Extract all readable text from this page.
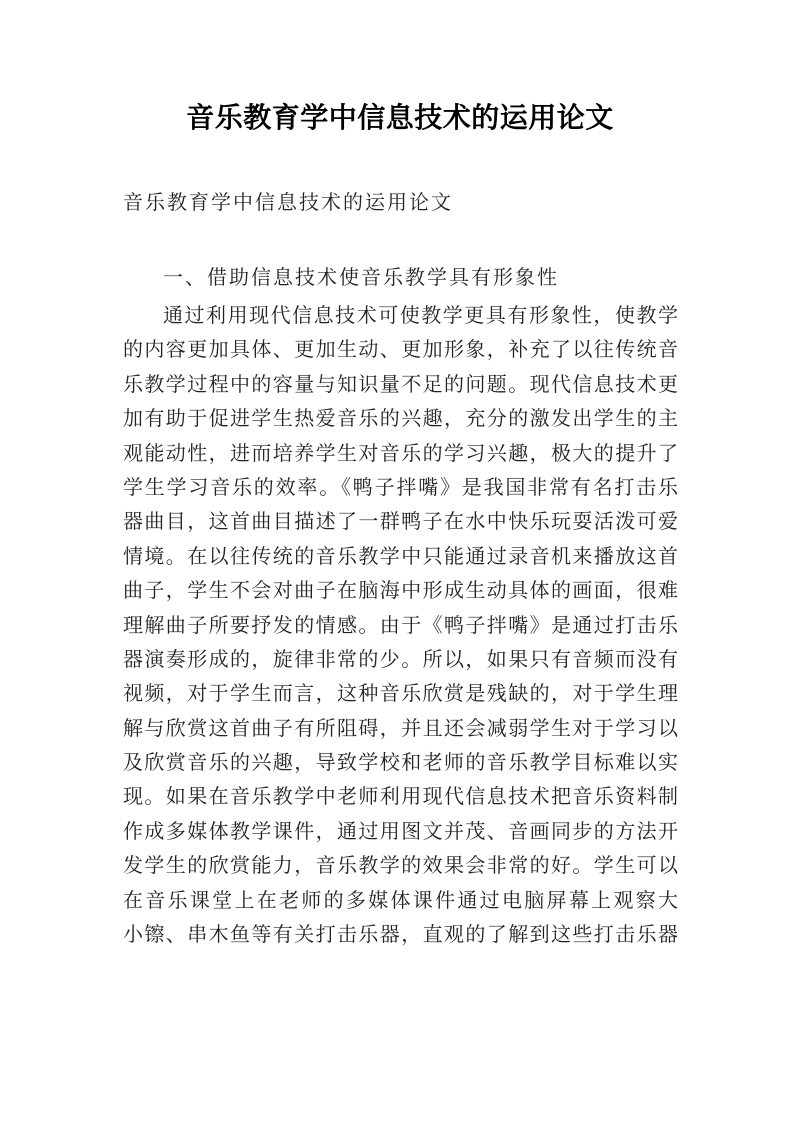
音乐教育学中信息技术的运用论文
音乐教育学中信息技术的运用论文
一、借助信息技术使音乐教学具有形象性
通过利用现代信息技术可使教学更具有形象性，使教学
的内容更加具体、更加生动、更加形象，补充了以往传统音
乐教学过程中的容量与知识量不足的问题。现代信息技术更
加有助于促进学生热爱音乐的兴趣，充分的激发出学生的主
观能动性，进而培养学生对音乐的学习兴趣，极大的提升了
学生学习音乐的效率。《鸭子拌嘴》是我国非常有名打击乐
器曲目，这首曲目描述了一群鸭子在水中快乐玩耍活泼可爱
情境。在以往传统的音乐教学中只能通过录音机来播放这首
曲子，学生不会对曲子在脑海中形成生动具体的画面，很难
理解曲子所要抒发的情感。由于《鸭子拌嘴》是通过打击乐
器演奏形成的，旋律非常的少。所以，如果只有音频而没有
视频，对于学生而言，这种音乐欣赏是残缺的，对于学生理
解与欣赏这首曲子有所阻碍，并且还会减弱学生对于学习以
及欣赏音乐的兴趣，导致学校和老师的音乐教学目标难以实
现。如果在音乐教学中老师利用现代信息技术把音乐资料制
作成多媒体教学课件，通过用图文并茂、音画同步的方法开
发学生的欣赏能力，音乐教学的效果会非常的好。学生可以
在音乐课堂上在老师的多媒体课件通过电脑屏幕上观察大
小镲、串木鱼等有关打击乐器，直观的了解到这些打击乐器
